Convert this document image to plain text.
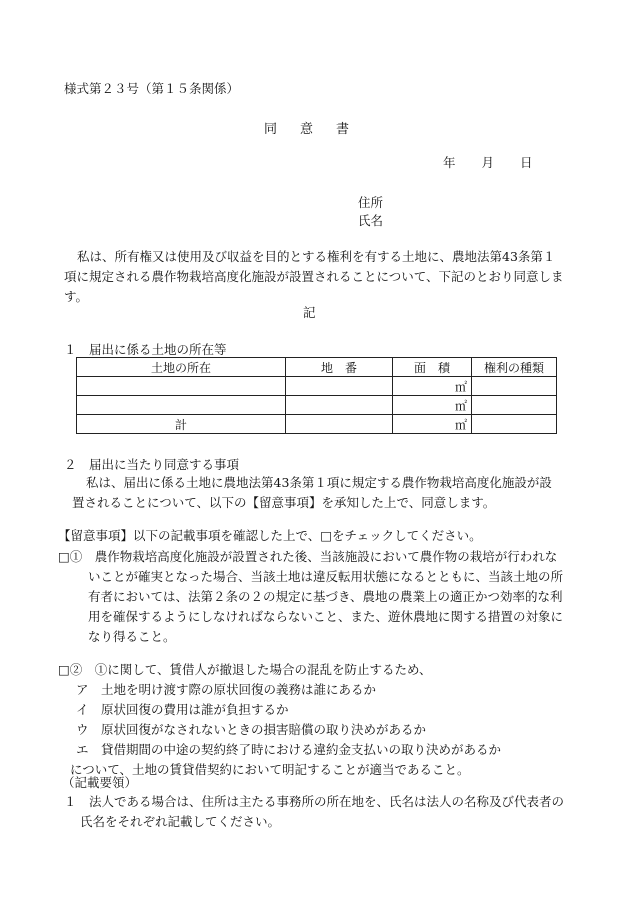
様式第２３号（第１５条関係）
同意書
年 月 日
住所
氏名
私は、所有権又は使用及び収益を目的とする権利を有する土地に、農地法第43条第１項に規定される農作物栽培高度化施設が設置されることについて、下記のとおり同意します。
記
１　届出に係る土地の所在等
土地の所在	地　番	面　積	権利の種類
		㎡	
		㎡	
計		㎡	
２　届出に当たり同意する事項
私は、届出に係る土地に農地法第43条第１項に規定する農作物栽培高度化施設が設置されることについて、以下の【留意事項】を承知した上で、同意します。
【留意事項】以下の記載事項を確認した上で、□をチェックしてください。
□①　農作物栽培高度化施設が設置された後、当該施設において農作物の栽培が行われないことが確実となった場合、当該土地は違反転用状態になるとともに、当該土地の所有者においては、法第２条の２の規定に基づき、農地の農業上の適正かつ効率的な利用を確保するようにしなければならないこと、また、遊休農地に関する措置の対象になり得ること。
□②　①に関して、賃借人が撤退した場合の混乱を防止するため、
ア　土地を明け渡す際の原状回復の義務は誰にあるか
イ　原状回復の費用は誰が負担するか
ウ　原状回復がなされないときの損害賠償の取り決めがあるか
エ　貸借期間の中途の契約終了時における違約金支払いの取り決めがあるか
について、土地の賃貸借契約において明記することが適当であること。
（記載要領）
１　法人である場合は、住所は主たる事務所の所在地を、氏名は法人の名称及び代表者の氏名をそれぞれ記載してください。
